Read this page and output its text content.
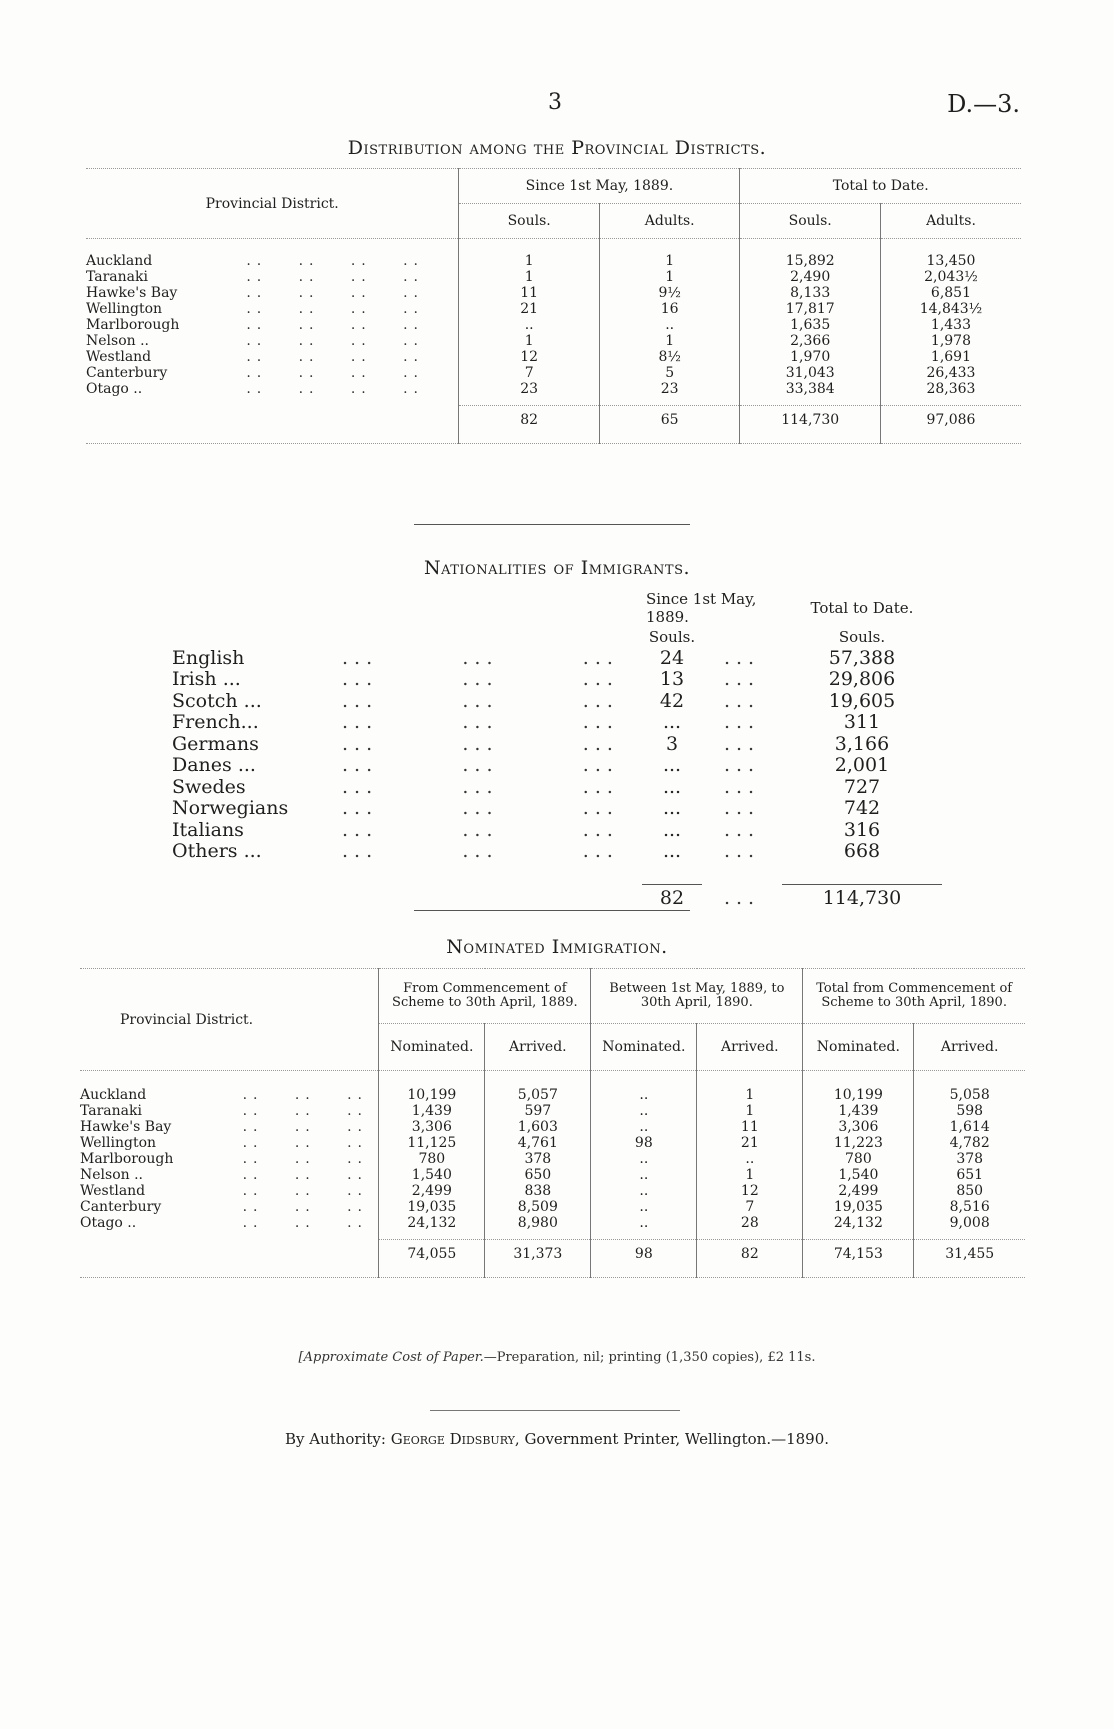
3	D.—3.
Distribution among the Provincial Districts.
Provincial District.	Since 1st May, 1889.		Total to Date.	
	Souls.	Adults.	Souls.	Adults.

Auckland ..   ..   ..   ..	1	1	15,892	13,450
Taranaki ..   ..   ..   ..	1	1	2,490	2,043½
Hawke's Bay ..   ..   ..   ..	11	9½	8,133	6,851
Wellington ..   ..   ..   ..	21	16	17,817	14,843½
Marlborough ..   ..   ..   ..	..	..	1,635	1,433
Nelson .. ..   ..   ..   ..	1	1	2,366	1,978
Westland ..   ..   ..   ..	12	8½	1,970	1,691
Canterbury ..   ..   ..   ..	7	5	31,043	26,433
Otago .. ..   ..   ..   ..	23	23	33,384	28,363

	82	65	114,730	97,086

Nationalities of Immigrants.
		Since 1st May, 1889.		Total to Date.
		Souls.		Souls.
English	...       ...       ...	24	...	57,388
Irish ...	...       ...       ...	13	...	29,806
Scotch ...	...       ...       ...	42	...	19,605
French...	...       ...       ...	...	...	311
Germans	...       ...       ...	3	...	3,166
Danes ...	...       ...       ...	...	...	2,001
Swedes	...       ...       ...	...	...	727
Norwegians	...       ...       ...	...	...	742
Italians	...       ...       ...	...	...	316
Others ...	...       ...       ...	...	...	668

		82	...	114,730
Nominated Immigration.
Provincial District.	From Commencement of Scheme to 30th April, 1889.		Between 1st May, 1889, to 30th April, 1890.		Total from Commencement of Scheme to 30th April, 1890.	
	Nominated.	Arrived.	Nominated.	Arrived.	Nominated.	Arrived.

Auckland ..   ..   ..	10,199	5,057	..	1	10,199	5,058
Taranaki ..   ..   ..	1,439	597	..	1	1,439	598
Hawke's Bay ..   ..   ..	3,306	1,603	..	11	3,306	1,614
Wellington ..   ..   ..	11,125	4,761	98	21	11,223	4,782
Marlborough ..   ..   ..	780	378	..	..	780	378
Nelson .. ..   ..   ..	1,540	650	..	1	1,540	651
Westland ..   ..   ..	2,499	838	..	12	2,499	850
Canterbury ..   ..   ..	19,035	8,509	..	7	19,035	8,516
Otago .. ..   ..   ..	24,132	8,980	..	28	24,132	9,008

	74,055	31,373	98	82	74,153	31,455

[Approximate Cost of Paper.—Preparation, nil; printing (1,350 copies), £2 11s.
By Authority: George Didsbury, Government Printer, Wellington.—1890.
